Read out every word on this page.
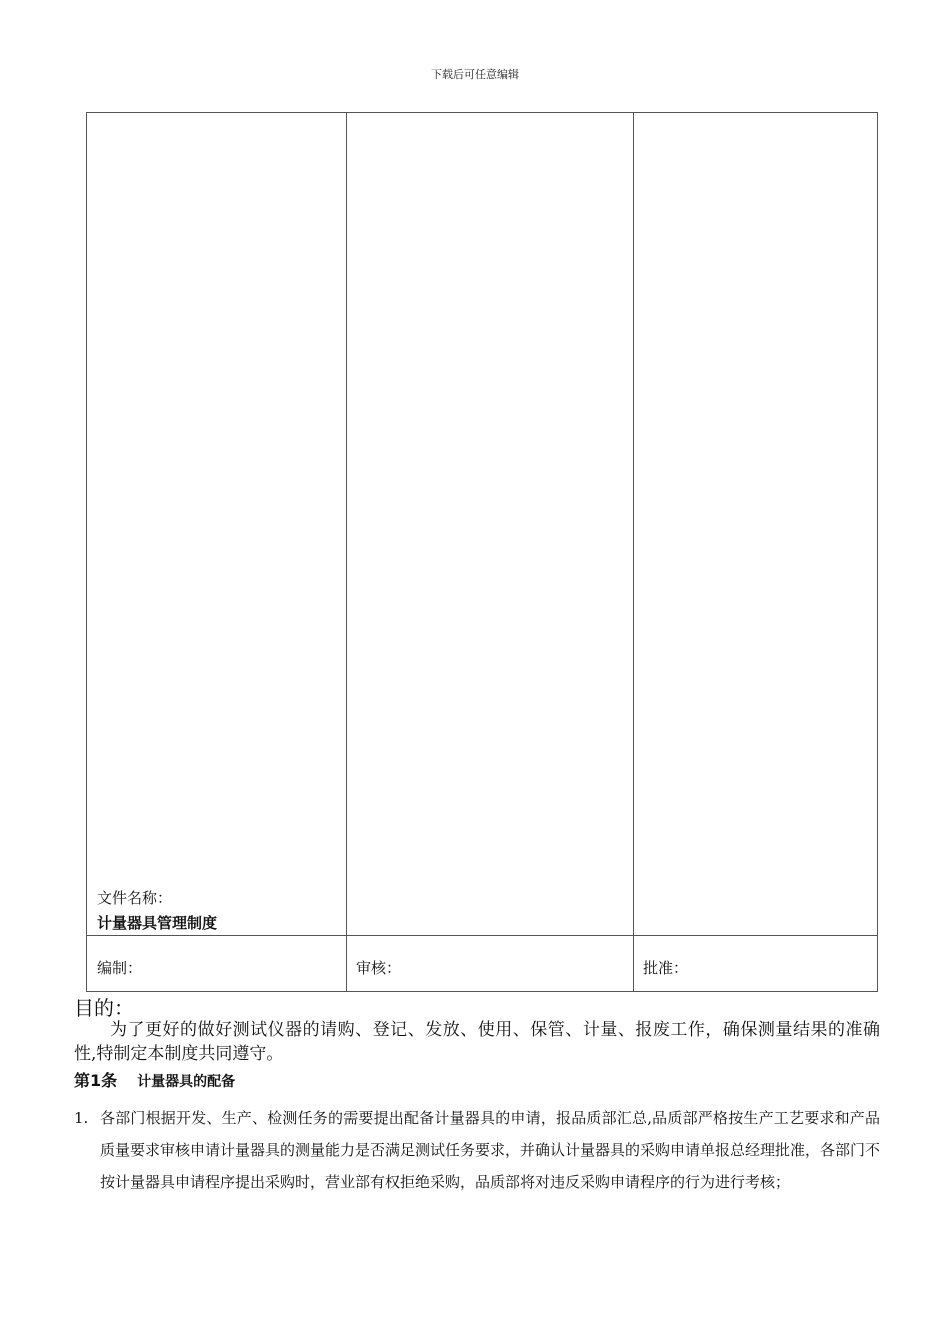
下载后可任意编辑
文件名称：
计量器具管理制度
编制：	审核：	批准：
目的：
为了更好的做好测试仪器的请购、登记、发放、使用、保管、计量、报废工作，确保测量结果的准确性,特制定本制度共同遵守。
第1条 计量器具的配备
1. 各部门根据开发、生产、检测任务的需要提出配备计量器具的申请，报品质部汇总,品质部严格按生产工艺要求和产品质量要求审核申请计量器具的测量能力是否满足测试任务要求，并确认计量器具的采购申请单报总经理批准，各部门不按计量器具申请程序提出采购时，营业部有权拒绝采购，品质部将对违反采购申请程序的行为进行考核；
